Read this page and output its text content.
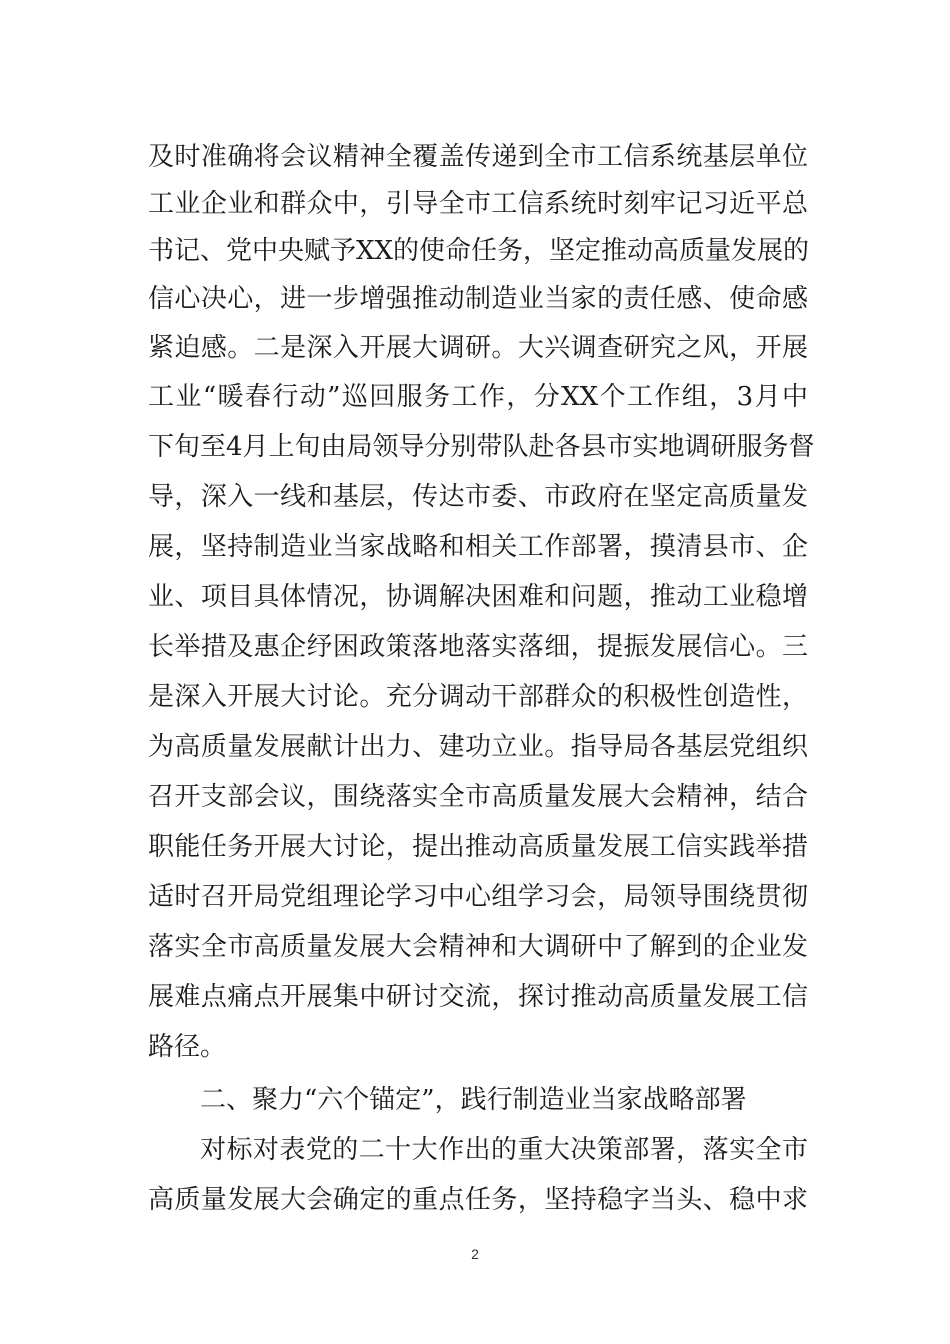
及时准确将会议精神全覆盖传递到全市工信系统基层单位
工业企业和群众中，引导全市工信系统时刻牢记习近平总
书记、党中央赋予XX的使命任务，坚定推动高质量发展的
信心决心，进一步增强推动制造业当家的责任感、使命感
紧迫感。二是深入开展大调研。大兴调查研究之风，开展
工业“暖春行动”巡回服务工作，分XX个工作组，3月中
下旬至4月上旬由局领导分别带队赴各县市实地调研服务督
导，深入一线和基层，传达市委、市政府在坚定高质量发
展，坚持制造业当家战略和相关工作部署，摸清县市、企
业、项目具体情况，协调解决困难和问题，推动工业稳增
长举措及惠企纾困政策落地落实落细，提振发展信心。三
是深入开展大讨论。充分调动干部群众的积极性创造性，
为高质量发展献计出力、建功立业。指导局各基层党组织
召开支部会议，围绕落实全市高质量发展大会精神，结合
职能任务开展大讨论，提出推动高质量发展工信实践举措
适时召开局党组理论学习中心组学习会，局领导围绕贯彻
落实全市高质量发展大会精神和大调研中了解到的企业发
展难点痛点开展集中研讨交流，探讨推动高质量发展工信
路径。
二、聚力“六个锚定”，践行制造业当家战略部署
对标对表党的二十大作出的重大决策部署，落实全市
高质量发展大会确定的重点任务，坚持稳字当头、稳中求
2
